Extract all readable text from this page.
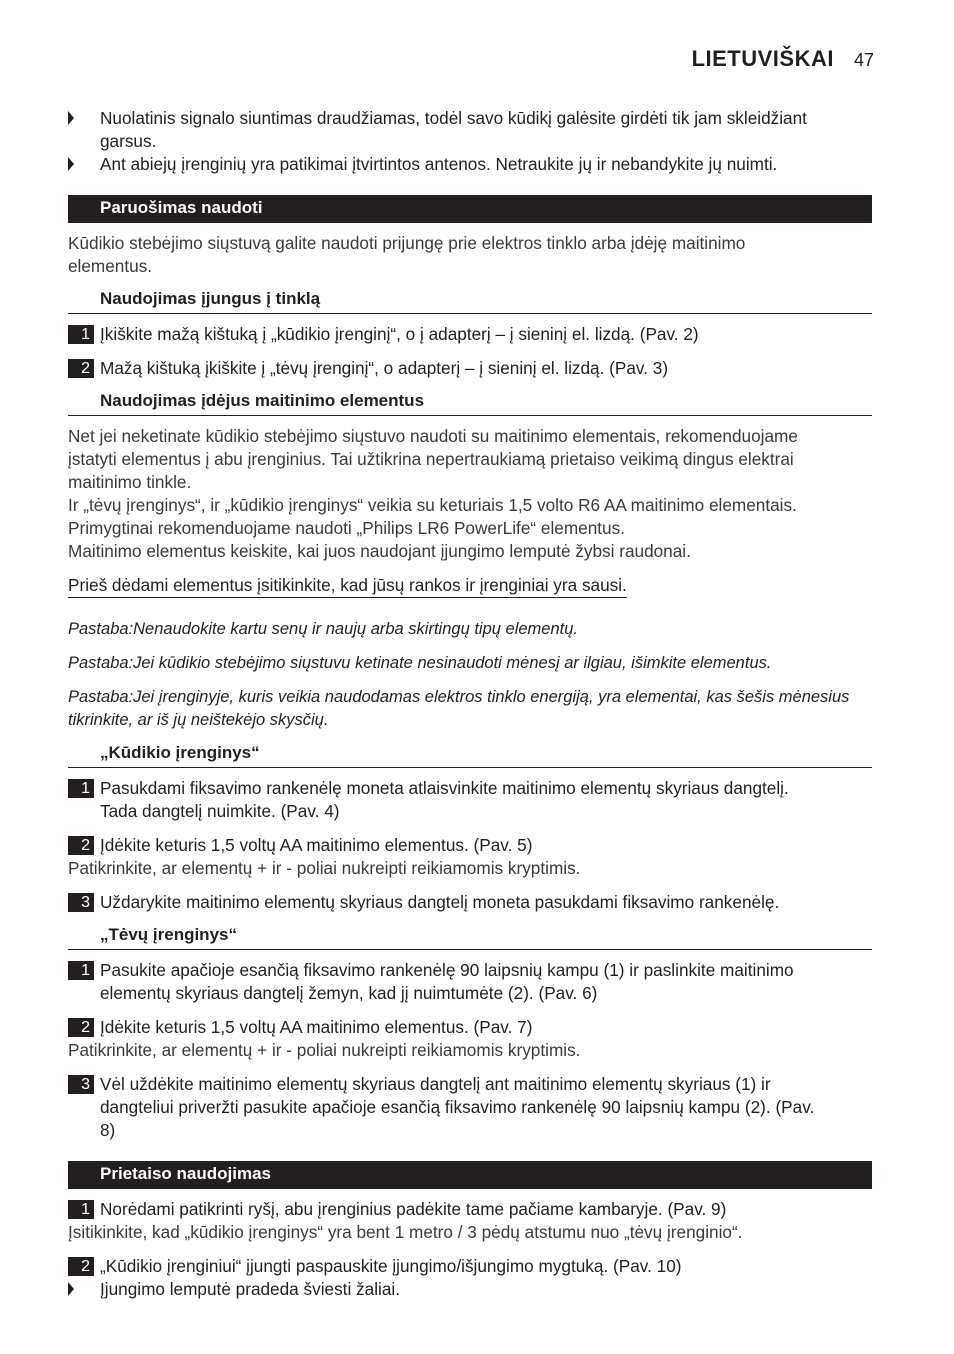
LIETUVIŠKAI 47
Nuolatinis signalo siuntimas draudžiamas, todėl savo kūdikį galėsite girdėti tik jam skleidžiant
garsus.
Ant abiejų įrenginių yra patikimai įtvirtintos antenos. Netraukite jų ir nebandykite jų nuimti.
Paruošimas naudoti
Kūdikio stebėjimo siųstuvą galite naudoti prijungę prie elektros tinklo arba įdėję maitinimo
elementus.
Naudojimas įjungus į tinklą
1 Įkiškite mažą kištuką į „kūdikio įrenginį“, o į adapterį – į sieninį el. lizdą. (Pav. 2)
2 Mažą kištuką įkiškite į „tėvų įrenginį“, o adapterį – į sieninį el. lizdą. (Pav. 3)
Naudojimas įdėjus maitinimo elementus
Net jei neketinate kūdikio stebėjimo siųstuvo naudoti su maitinimo elementais, rekomenduojame
įstatyti elementus į abu įrenginius. Tai užtikrina nepertraukiamą prietaiso veikimą dingus elektrai
maitinimo tinkle.
Ir „tėvų įrenginys“, ir „kūdikio įrenginys“ veikia su keturiais 1,5 volto R6 AA maitinimo elementais.
Primygtinai rekomenduojame naudoti „Philips LR6 PowerLife“ elementus.
Maitinimo elementus keiskite, kai juos naudojant įjungimo lemputė žybsi raudonai.
Prieš dėdami elementus įsitikinkite, kad jūsų rankos ir įrenginiai yra sausi.
Pastaba:Nenaudokite kartu senų ir naujų arba skirtingų tipų elementų.
Pastaba:Jei kūdikio stebėjimo siųstuvu ketinate nesinaudoti mėnesį ar ilgiau, išimkite elementus.
Pastaba:Jei įrenginyje, kuris veikia naudodamas elektros tinklo energiją, yra elementai, kas šešis mėnesius
tikrinkite, ar iš jų neištekėjo skysčių.
„Kūdikio įrenginys“
1 Pasukdami fiksavimo rankenėlę moneta atlaisvinkite maitinimo elementų skyriaus dangtelį.
Tada dangtelį nuimkite. (Pav. 4)
2 Įdėkite keturis 1,5 voltų AA maitinimo elementus. (Pav. 5)
Patikrinkite, ar elementų + ir - poliai nukreipti reikiamomis kryptimis.
3 Uždarykite maitinimo elementų skyriaus dangtelį moneta pasukdami fiksavimo rankenėlę.
„Tėvų įrenginys“
1 Pasukite apačioje esančią fiksavimo rankenėlę 90 laipsnių kampu (1) ir paslinkite maitinimo
elementų skyriaus dangtelį žemyn, kad jį nuimtumėte (2). (Pav. 6)
2 Įdėkite keturis 1,5 voltų AA maitinimo elementus. (Pav. 7)
Patikrinkite, ar elementų + ir - poliai nukreipti reikiamomis kryptimis.
3 Vėl uždėkite maitinimo elementų skyriaus dangtelį ant maitinimo elementų skyriaus (1) ir
dangteliui priveržti pasukite apačioje esančią fiksavimo rankenėlę 90 laipsnių kampu (2). (Pav.
8)
Prietaiso naudojimas
1 Norėdami patikrinti ryšį, abu įrenginius padėkite tame pačiame kambaryje. (Pav. 9)
Įsitikinkite, kad „kūdikio įrenginys“ yra bent 1 metro / 3 pėdų atstumu nuo „tėvų įrenginio“.
2 „Kūdikio įrenginiui“ įjungti paspauskite įjungimo/išjungimo mygtuką. (Pav. 10)
Įjungimo lemputė pradeda šviesti žaliai.
